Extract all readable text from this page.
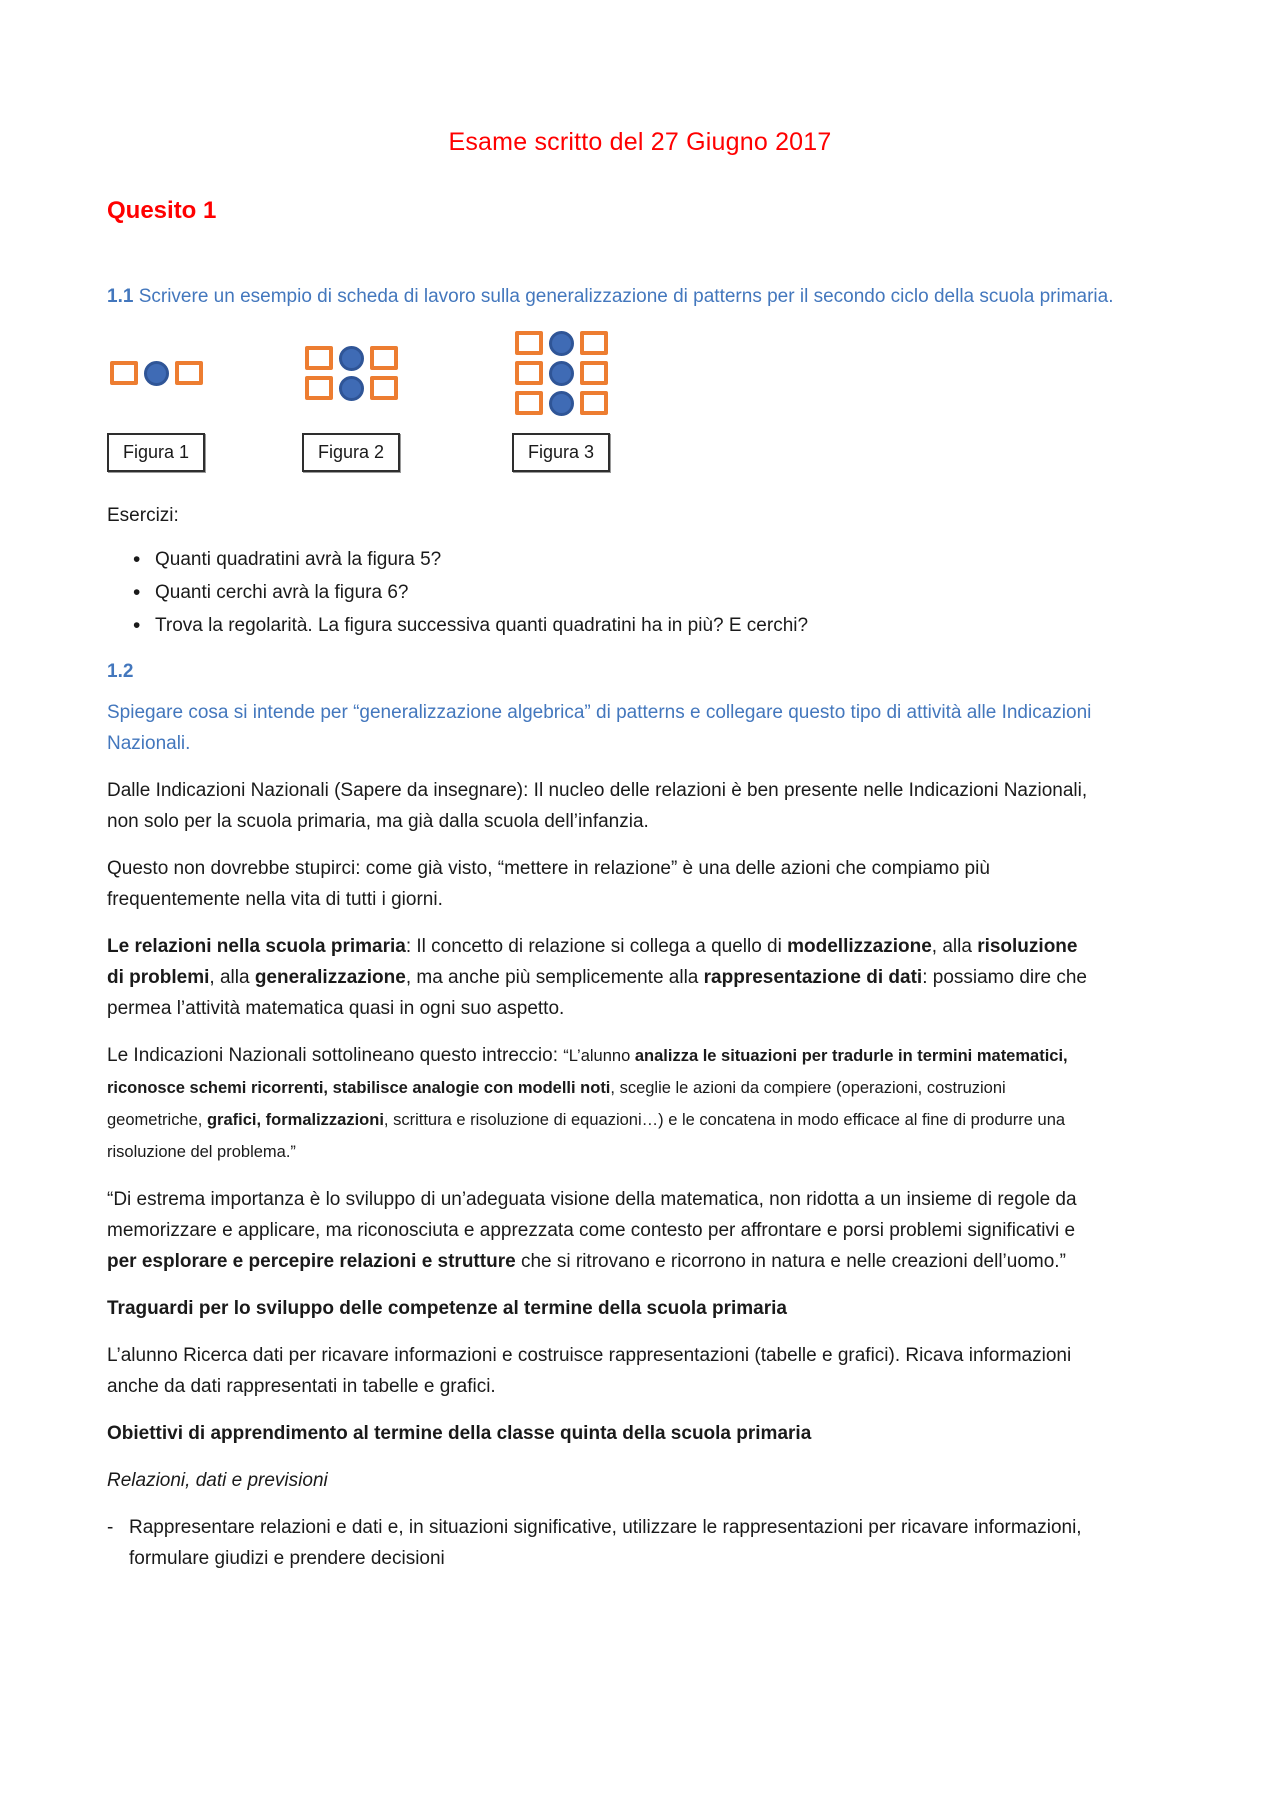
Esame scritto del 27 Giugno 2017
Quesito 1

1.1 Scrivere un esempio di scheda di lavoro sulla generalizzazione di patterns per il secondo ciclo della scuola primaria.

Figura 1	Figura 2	Figura 3

Esercizi:

• Quanti quadratini avrà la figura 5?
• Quanti cerchi avrà la figura 6?
• Trova la regolarità. La figura successiva quanti quadratini ha in più? E cerchi?

1.2

Spiegare cosa si intende per “generalizzazione algebrica” di patterns e collegare questo tipo di attività alle Indicazioni Nazionali.

Dalle Indicazioni Nazionali (Sapere da insegnare): Il nucleo delle relazioni è ben presente nelle Indicazioni Nazionali, non solo per la scuola primaria, ma già dalla scuola dell’infanzia.

Questo non dovrebbe stupirci: come già visto, “mettere in relazione” è una delle azioni che compiamo più frequentemente nella vita di tutti i giorni.

Le relazioni nella scuola primaria: Il concetto di relazione si collega a quello di modellizzazione, alla risoluzione di problemi, alla generalizzazione, ma anche più semplicemente alla rappresentazione di dati: possiamo dire che permea l’attività matematica quasi in ogni suo aspetto.

Le Indicazioni Nazionali sottolineano questo intreccio: “L’alunno analizza le situazioni per tradurle in termini matematici, riconosce schemi ricorrenti, stabilisce analogie con modelli noti, sceglie le azioni da compiere (operazioni, costruzioni geometriche, grafici, formalizzazioni, scrittura e risoluzione di equazioni…) e le concatena in modo efficace al fine di produrre una risoluzione del problema.”

“Di estrema importanza è lo sviluppo di un’adeguata visione della matematica, non ridotta a un insieme di regole da memorizzare e applicare, ma riconosciuta e apprezzata come contesto per affrontare e porsi problemi significativi e per esplorare e percepire relazioni e strutture che si ritrovano e ricorrono in natura e nelle creazioni dell’uomo.”

Traguardi per lo sviluppo delle competenze al termine della scuola primaria

L’alunno Ricerca dati per ricavare informazioni e costruisce rappresentazioni (tabelle e grafici). Ricava informazioni anche da dati rappresentati in tabelle e grafici.

Obiettivi di apprendimento al termine della classe quinta della scuola primaria

Relazioni, dati e previsioni

- Rappresentare relazioni e dati e, in situazioni significative, utilizzare le rappresentazioni per ricavare informazioni, formulare giudizi e prendere decisioni
